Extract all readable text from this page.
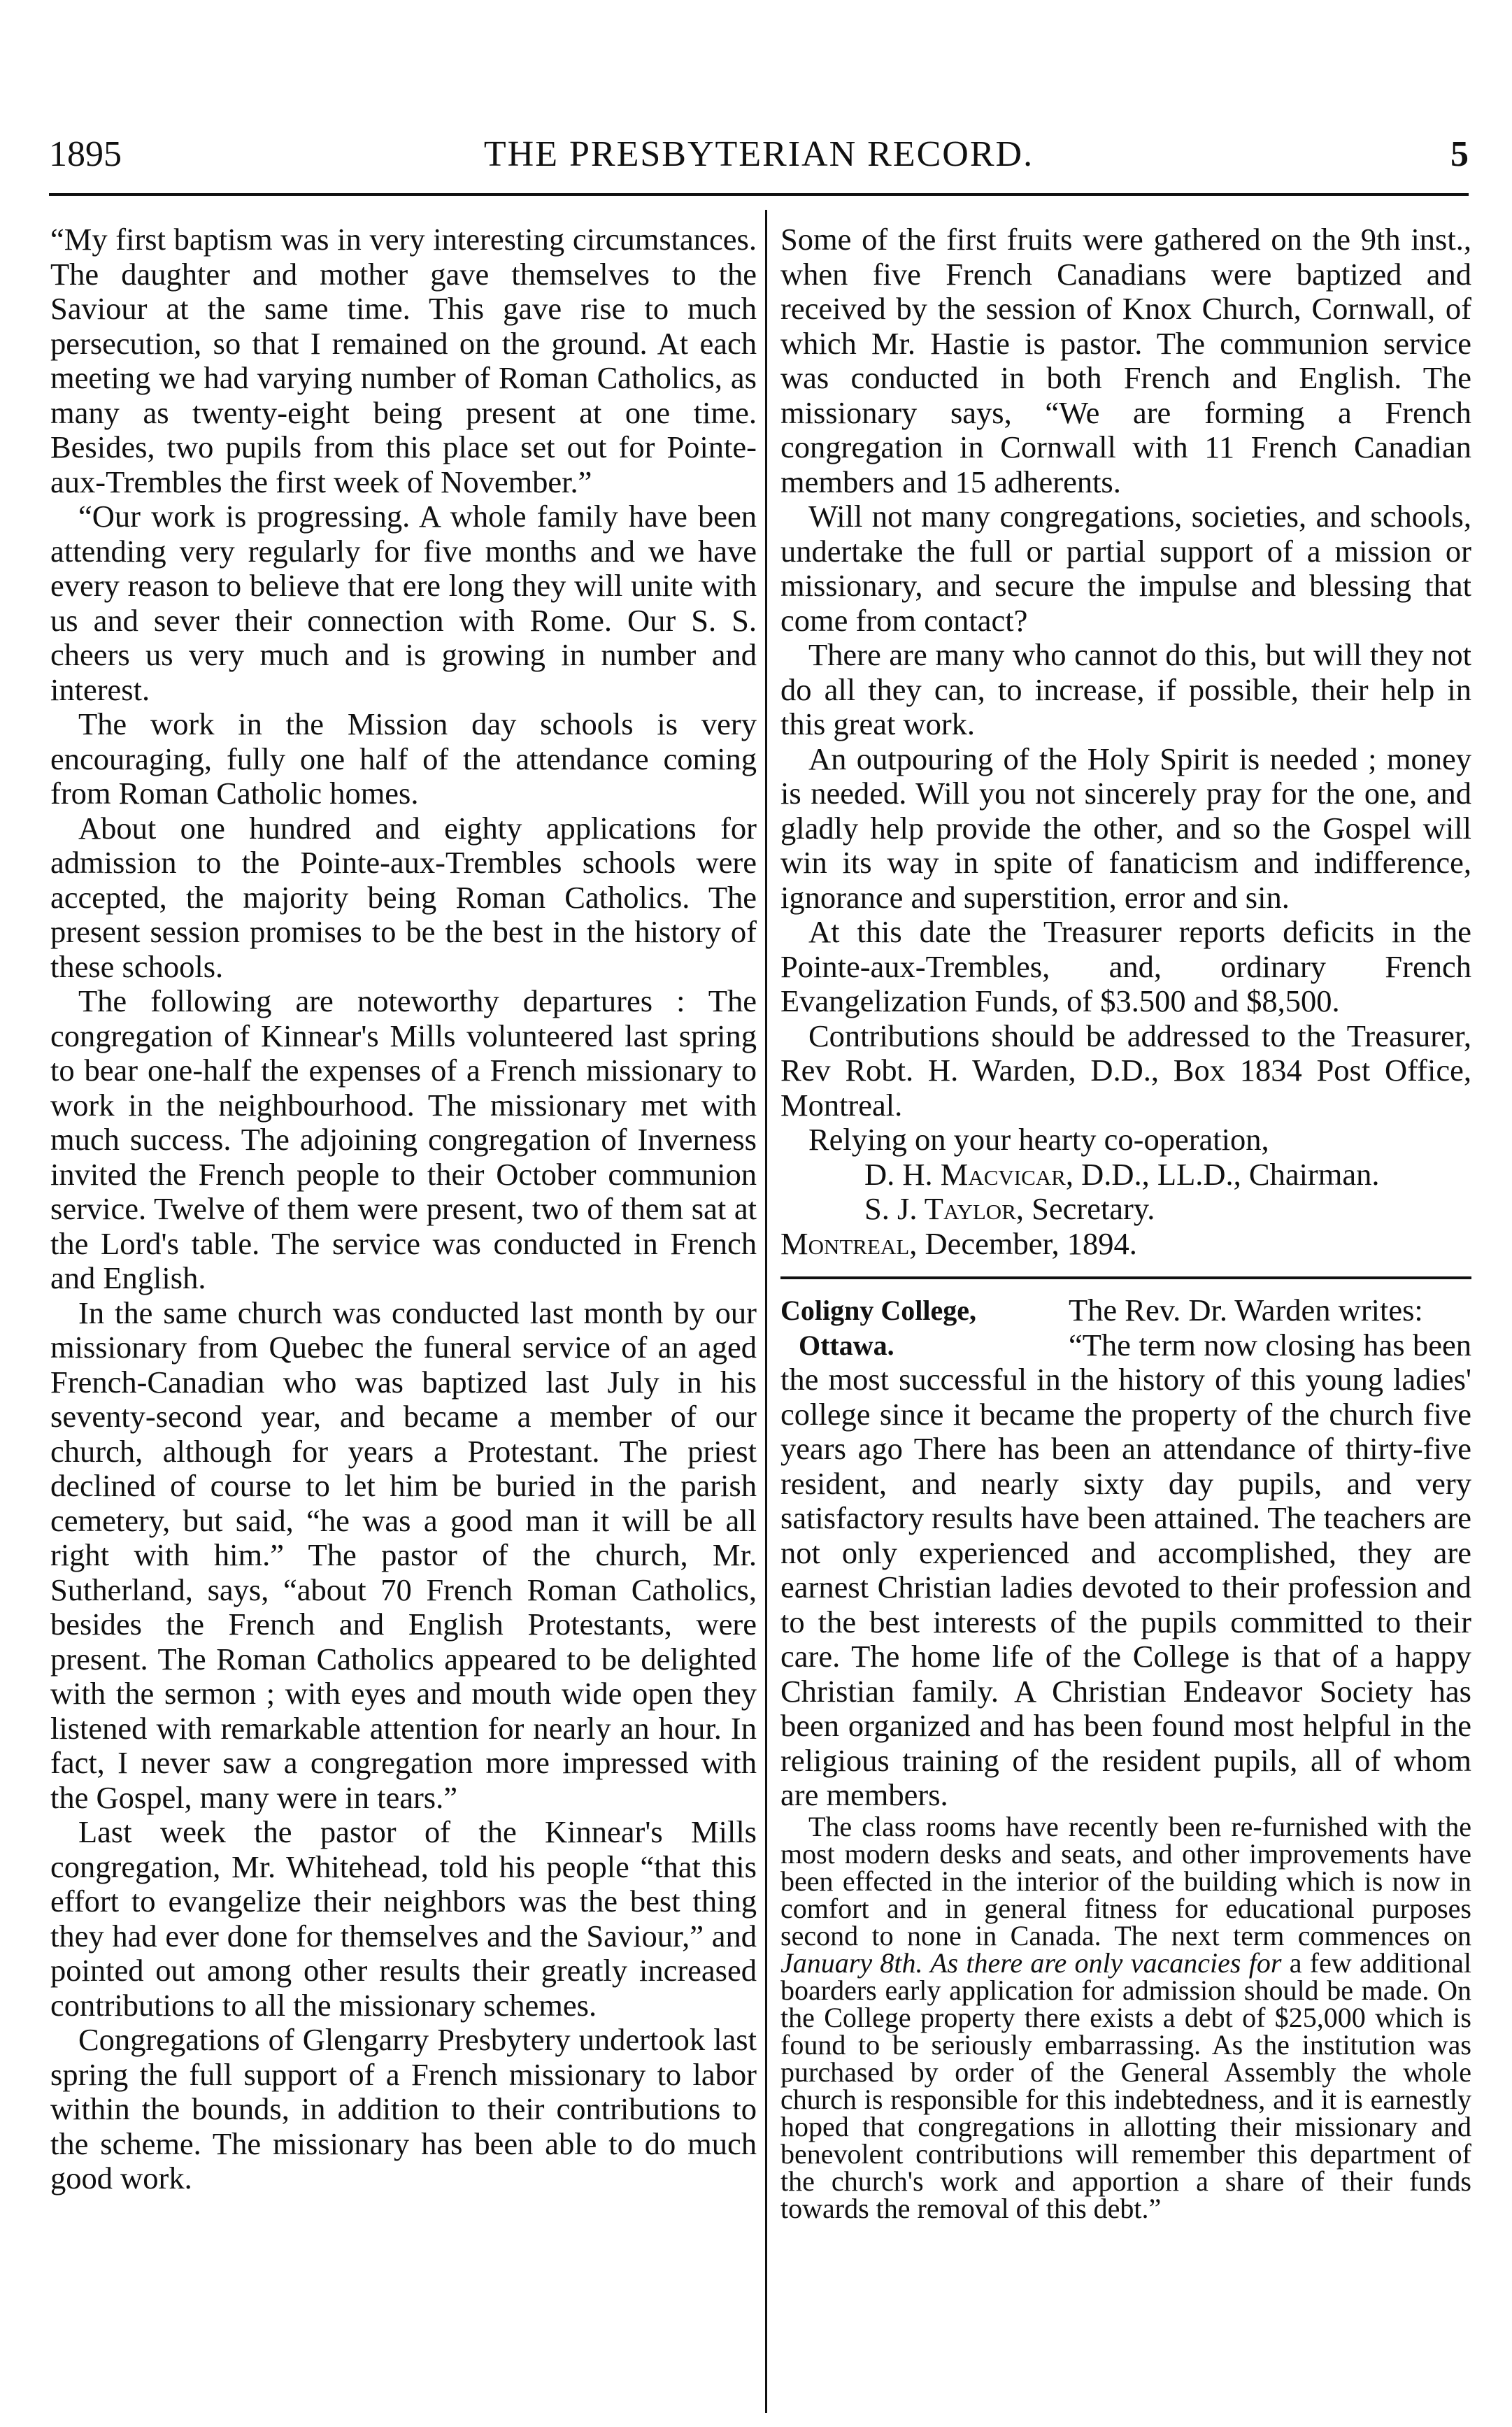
1895	THE PRESBYTERIAN RECORD.	5

“My first baptism was in very interesting circumstances. The daughter and mother gave themselves to the Saviour at the same time. This gave rise to much persecution, so that I remained on the ground. At each meeting we had varying number of Roman Catholics, as many as twenty-eight being present at one time. Besides, two pupils from this place set out for Pointe-aux-Trembles the first week of November.”

“Our work is progressing. A whole family have been attending very regularly for five months and we have every reason to believe that ere long they will unite with us and sever their connection with Rome. Our S. S. cheers us very much and is growing in number and interest.

The work in the Mission day schools is very encouraging, fully one half of the attendance coming from Roman Catholic homes.

About one hundred and eighty applications for admission to the Pointe-aux-Trembles schools were accepted, the majority being Roman Catholics. The present session promises to be the best in the history of these schools.

The following are noteworthy departures : The congregation of Kinnear's Mills volunteered last spring to bear one-half the expenses of a French missionary to work in the neighbourhood. The missionary met with much success. The adjoining congregation of Inverness invited the French people to their October communion service. Twelve of them were present, two of them sat at the Lord's table. The service was conducted in French and English.

In the same church was conducted last month by our missionary from Quebec the funeral service of an aged French-Canadian who was baptized last July in his seventy-second year, and became a member of our church, although for years a Protestant. The priest declined of course to let him be buried in the parish cemetery, but said, “he was a good man it will be all right with him.” The pastor of the church, Mr. Sutherland, says, “about 70 French Roman Catholics, besides the French and English Protestants, were present. The Roman Catholics appeared to be delighted with the sermon ; with eyes and mouth wide open they listened with remarkable attention for nearly an hour. In fact, I never saw a congregation more impressed with the Gospel, many were in tears.”

Last week the pastor of the Kinnear's Mills congregation, Mr. Whitehead, told his people “that this effort to evangelize their neighbors was the best thing they had ever done for themselves and the Saviour,” and pointed out among other results their greatly increased contributions to all the missionary schemes.

Congregations of Glengarry Presbytery undertook last spring the full support of a French missionary to labor within the bounds, in addition to their contributions to the scheme. The missionary has been able to do much good work.

Some of the first fruits were gathered on the 9th inst., when five French Canadians were baptized and received by the session of Knox Church, Cornwall, of which Mr. Hastie is pastor. The communion service was conducted in both French and English. The missionary says, “We are forming a French congregation in Cornwall with 11 French Canadian members and 15 adherents.

Will not many congregations, societies, and schools, undertake the full or partial support of a mission or missionary, and secure the impulse and blessing that come from contact?

There are many who cannot do this, but will they not do all they can, to increase, if possible, their help in this great work.

An outpouring of the Holy Spirit is needed ; money is needed. Will you not sincerely pray for the one, and gladly help provide the other, and so the Gospel will win its way in spite of fanaticism and indifference, ignorance and superstition, error and sin.

At this date the Treasurer reports deficits in the Pointe-aux-Trembles, and, ordinary French Evangelization Funds, of $3.500 and $8,500.

Contributions should be addressed to the Treasurer, Rev Robt. H. Warden, D.D., Box 1834 Post Office, Montreal.

Relying on your hearty co-operation,

D. H. Macvicar, D.D., LL.D., Chairman.

S. J. Taylor, Secretary.

Montreal, December, 1894.

Coligny College,
Ottawa.

The Rev. Dr. Warden writes:

“The term now closing has been the most successful in the history of this young ladies' college since it became the property of the church five years ago There has been an attendance of thirty-five resident, and nearly sixty day pupils, and very satisfactory results have been attained. The teachers are not only experienced and accomplished, they are earnest Christian ladies devoted to their profession and to the best interests of the pupils committed to their care. The home life of the College is that of a happy Christian family. A Christian Endeavor Society has been organized and has been found most helpful in the religious training of the resident pupils, all of whom are members.

The class rooms have recently been re-furnished with the most modern desks and seats, and other improvements have been effected in the interior of the building which is now in comfort and in general fitness for educational purposes second to none in Canada. The next term commences on January 8th. As there are only vacancies for a few additional boarders early application for admission should be made. On the College property there exists a debt of $25,000 which is found to be seriously embarrassing. As the institution was purchased by order of the General Assembly the whole church is responsible for this indebtedness, and it is earnestly hoped that congregations in allotting their missionary and benevolent contributions will remember this department of the church's work and apportion a share of their funds towards the removal of this debt.”
